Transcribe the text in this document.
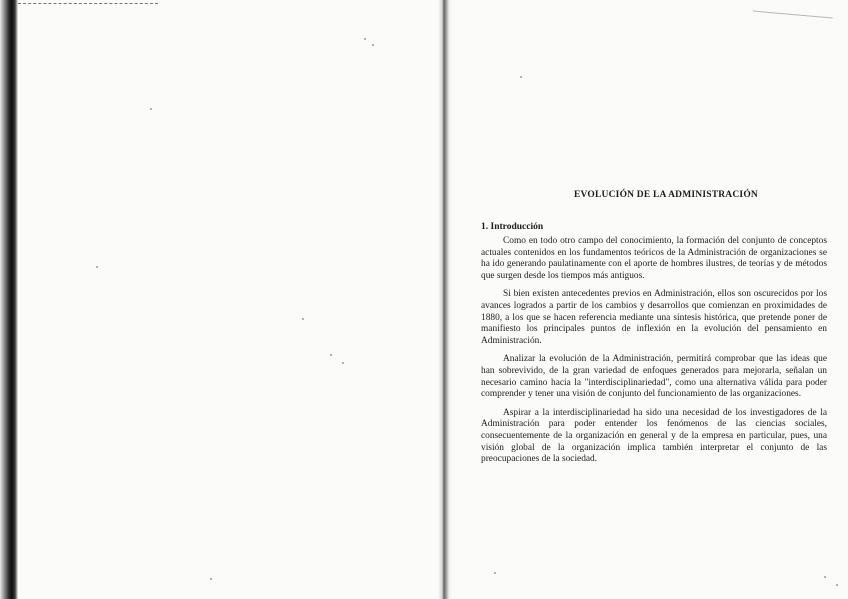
EVOLUCIÓN DE LA ADMINISTRACIÓN
1. Introducción

Como en todo otro campo del conocimiento, la formación del conjunto de conceptos actuales contenidos en los fundamentos teóricos de la Administración de organizaciones se ha ido generando paulatinamente con el aporte de hombres ilustres, de teorías y de métodos que surgen desde los tiempos más antiguos.

Si bien existen antecedentes previos en Administración, ellos son oscurecidos por los avances logrados a partir de los cambios y desarrollos que comienzan en proximidades de 1880, a los que se hacen referencia mediante una síntesis histórica, que pretende poner de manifiesto los principales puntos de inflexión en la evolución del pensamiento en Administración.

Analizar la evolución de la Administración, permitirá comprobar que las ideas que han sobrevivido, de la gran variedad de enfoques generados para mejorarla, señalan un necesario camino hacia la "interdisciplinariedad", como una alternativa válida para poder comprender y tener una visión de conjunto del funcionamiento de las organizaciones.

Aspirar a la interdisciplinariedad ha sido una necesidad de los investigadores de la Administración para poder entender los fenómenos de las ciencias sociales, consecuentemente de la organización en general y de la empresa en particular, pues, una visión global de la organización implica también interpretar el conjunto de las preocupaciones de la sociedad.
